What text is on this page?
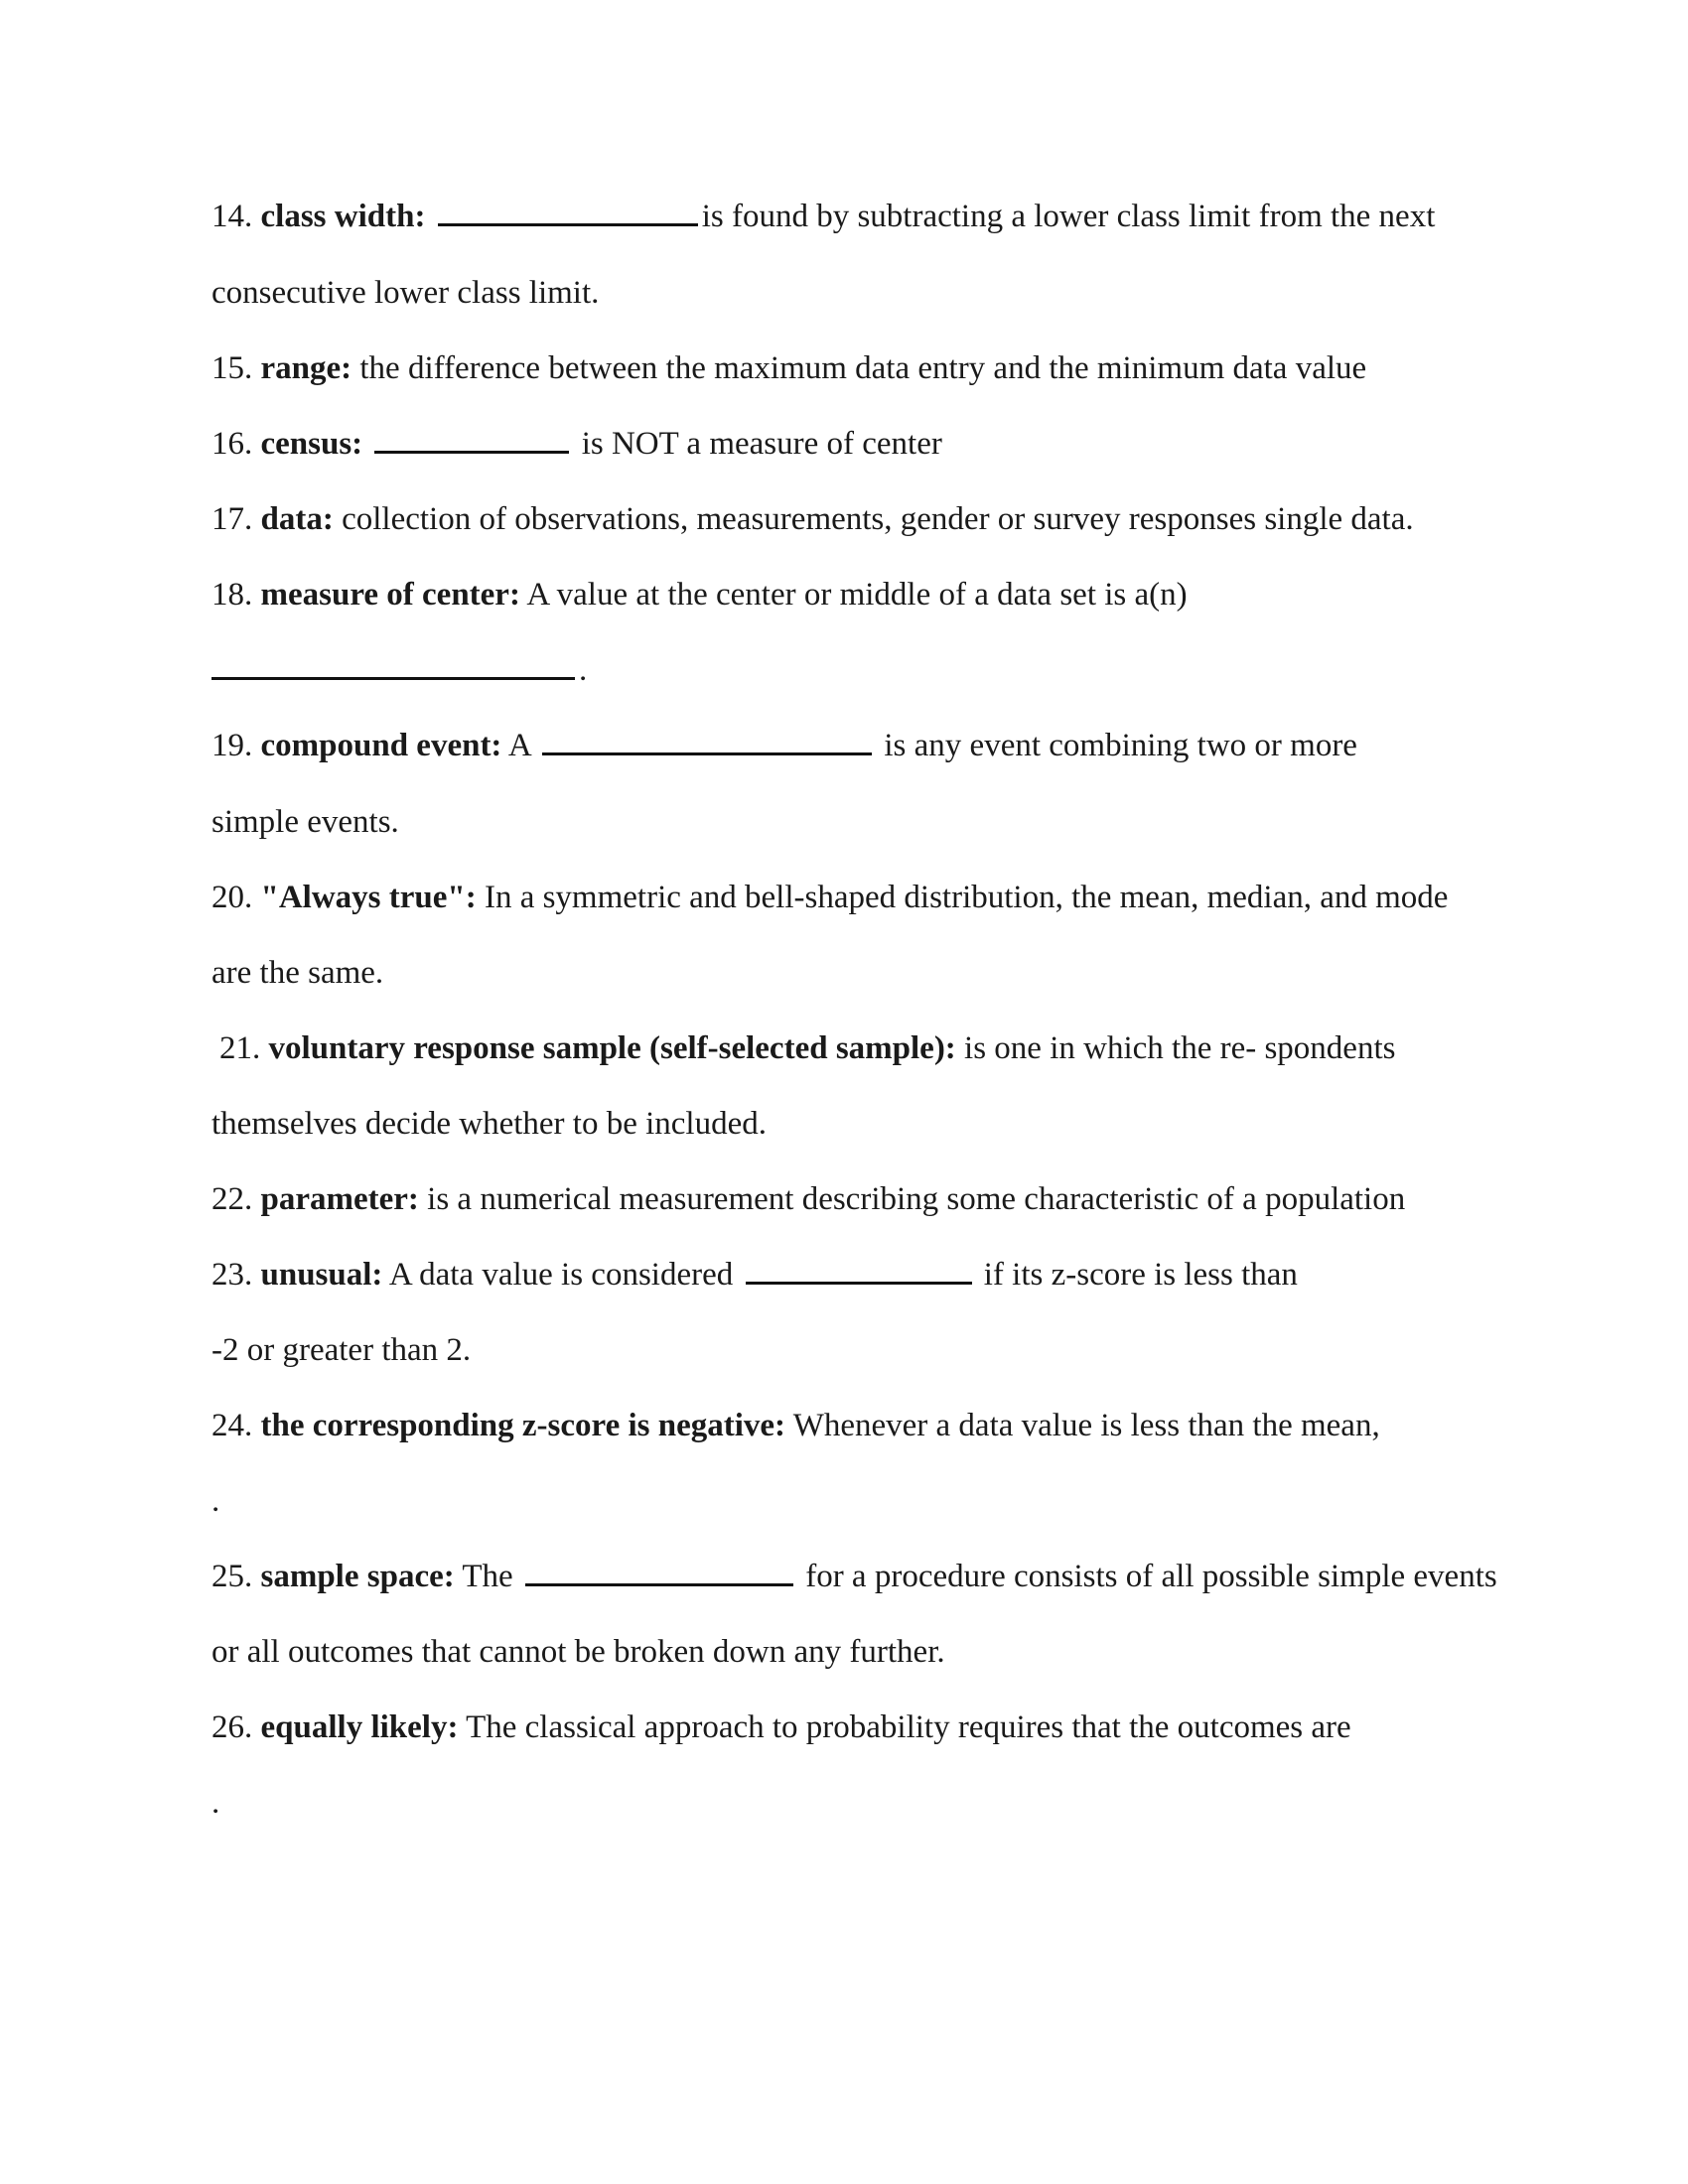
14. class width:	is found by subtracting a lower class limit from the next
consecutive lower class limit.
15. range: the difference between the maximum data entry and the minimum data value
16. census:	is NOT a measure of center
17. data: collection of observations, measurements, gender or survey responses single data.
18. measure of center: A value at the center or middle of a data set is a(n)
.
19. compound event: A	is any event combining two or more
simple events.
20. "Always true": In a symmetric and bell-shaped distribution, the mean, median, and mode
are the same.
21. voluntary response sample (self-selected sample): is one in which the re- spondents
themselves decide whether to be included.
22. parameter: is a numerical measurement describing some characteristic of a population
23. unusual: A data value is considered	if its z-score is less than
-2 or greater than 2.
24. the corresponding z-score is negative: Whenever a data value is less than the mean,
.
25. sample space: The	for a procedure consists of all possible simple events
or all outcomes that cannot be broken down any further.
26. equally likely: The classical approach to probability requires that the outcomes are
.
